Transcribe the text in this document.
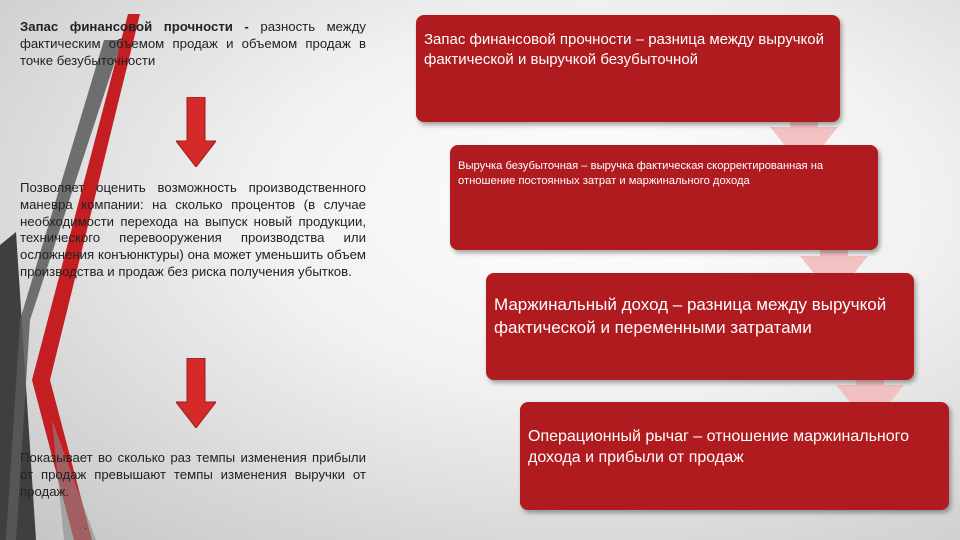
Запас финансовой прочности - разность между фактическим объемом продаж и объемом продаж в точке безубыточности
Позволяет оценить возможность производственного маневра компании: на сколько процентов (в случае необходимости перехода на выпуск новый продукции, технического перевооружения производства или осложнения конъюнктуры) она может уменьшить объем производства и продаж без риска получения убытков.
Показывает во сколько раз темпы изменения прибыли от продаж превышают темпы изменения выручки от продаж.
.
Запас финансовой прочности – разница между выручкой фактической и выручкой безубыточной
Выручка безубыточная – выручка фактическая скорректированная на отношение постоянных затрат и маржинального дохода
Маржинальный доход – разница между выручкой фактической и переменными затратами
Операционный рычаг – отношение маржинального дохода и прибыли от продаж
